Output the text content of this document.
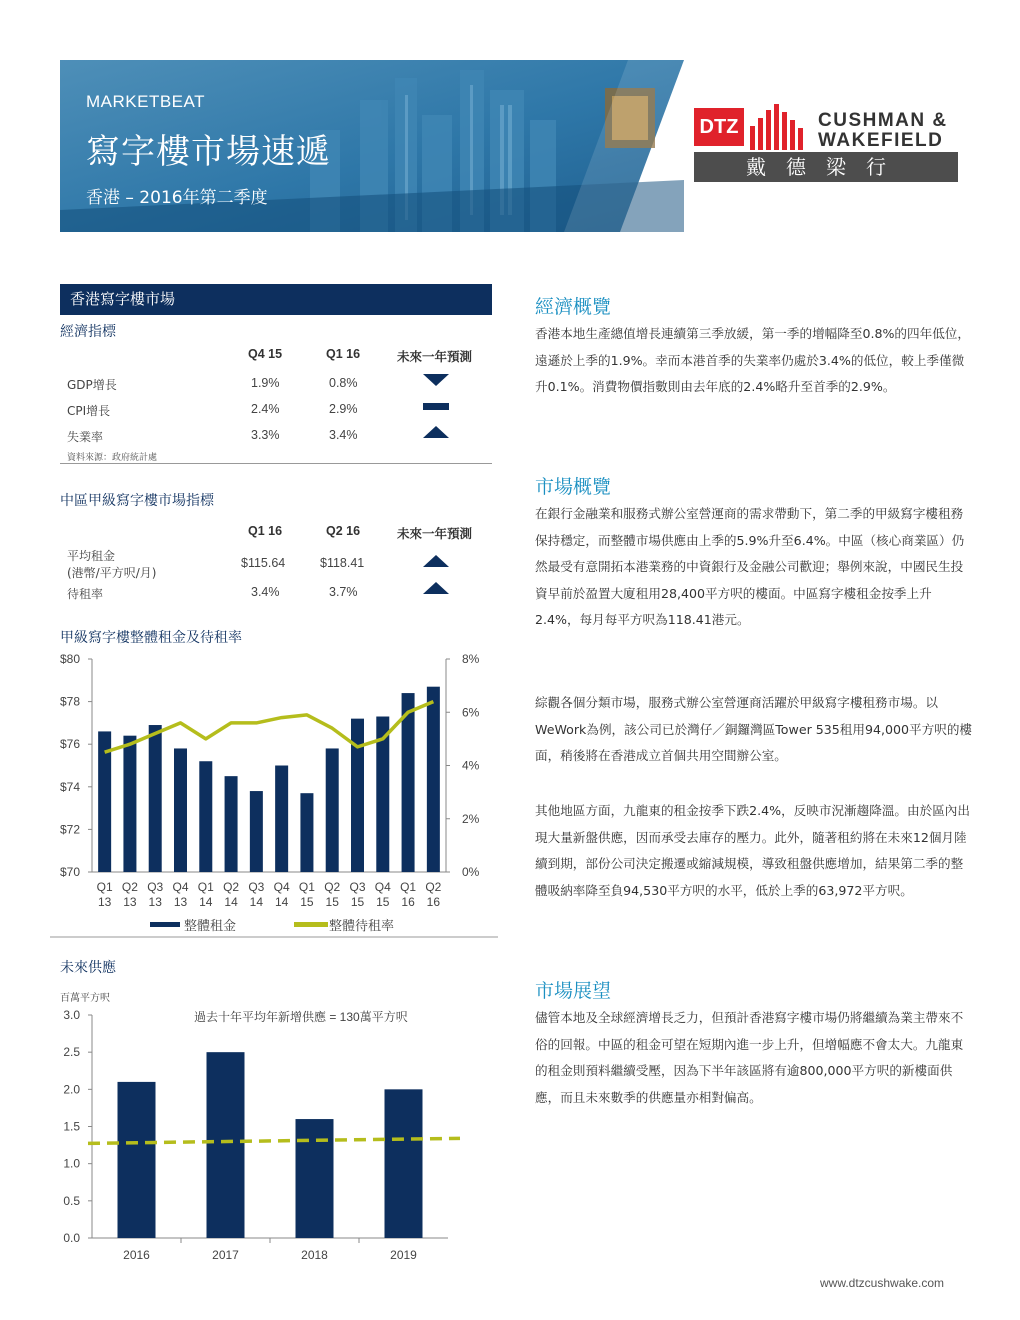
MARKETBEAT
寫字樓市場速遞
香港 – 2016年第二季度
DTZ	CUSHMAN &
WAKEFIELD
戴德梁行
香港寫字樓市場
經濟指標
Q4 15	Q1 16	未來一年預測
GDP增長	1.9%	0.8%
CPI增長	2.4%	2.9%
失業率	3.3%	3.4%
資料來源：政府統計處
中區甲級寫字樓市場指標
Q1 16	Q2 16	未來一年預測
平均租金
(港幣/平方呎/月)
$115.64	$118.41
待租率	3.4%	3.7%
甲級寫字樓整體租金及待租率
$70
$72
$74
$76
$78
$80
0%
2%
4%
6%
8%
Q1
13
Q2
13
Q3
13
Q4
13
Q1
14
Q2
14
Q3
14
Q4
14
Q1
15
Q2
15
Q3
15
Q4
15
Q1
16
Q2
16
整體租金	整體待租率
未來供應
百萬平方呎
0.0
0.5
1.0
1.5
2.0
2.5
3.0
2016	2017	2018	2019
過去十年平均年新增供應 = 130萬平方呎
經濟概覽
香港本地生產總值增長連續第三季放緩，第一季的增幅降至0.8%的四年低位，遠遜於上季的1.9%。幸而本港首季的失業率仍處於3.4%的低位，較上季僅微升0.1%。消費物價指數則由去年底的2.4%略升至首季的2.9%。
市場概覽
在銀行金融業和服務式辦公室營運商的需求帶動下，第二季的甲級寫字樓租務保持穩定，而整體市場供應由上季的5.9%升至6.4%。中區（核心商業區）仍然最受有意開拓本港業務的中資銀行及金融公司歡迎；舉例來說，中國民生投資早前於盈置大廈租用28,400平方呎的樓面。中區寫字樓租金按季上升2.4%，每月每平方呎為118.41港元。
綜觀各個分類市場，服務式辦公室營運商活躍於甲級寫字樓租務市場。以WeWork為例，該公司已於灣仔／銅鑼灣區Tower 535租用94,000平方呎的樓面，稍後將在香港成立首個共用空間辦公室。
其他地區方面，九龍東的租金按季下跌2.4%，反映市況漸趨降溫。由於區內出現大量新盤供應，因而承受去庫存的壓力。此外，隨著租約將在未來12個月陸續到期，部份公司決定搬遷或縮減規模，導致租盤供應增加，結果第二季的整體吸納率降至負94,530平方呎的水平，低於上季的63,972平方呎。
市場展望
儘管本地及全球經濟增長乏力，但預計香港寫字樓市場仍將繼續為業主帶來不俗的回報。中區的租金可望在短期內進一步上升，但增幅應不會太大。九龍東的租金則預料繼續受壓，因為下半年該區將有逾800,000平方呎的新樓面供應，而且未來數季的供應量亦相對偏高。
www.dtzcushwake.com
